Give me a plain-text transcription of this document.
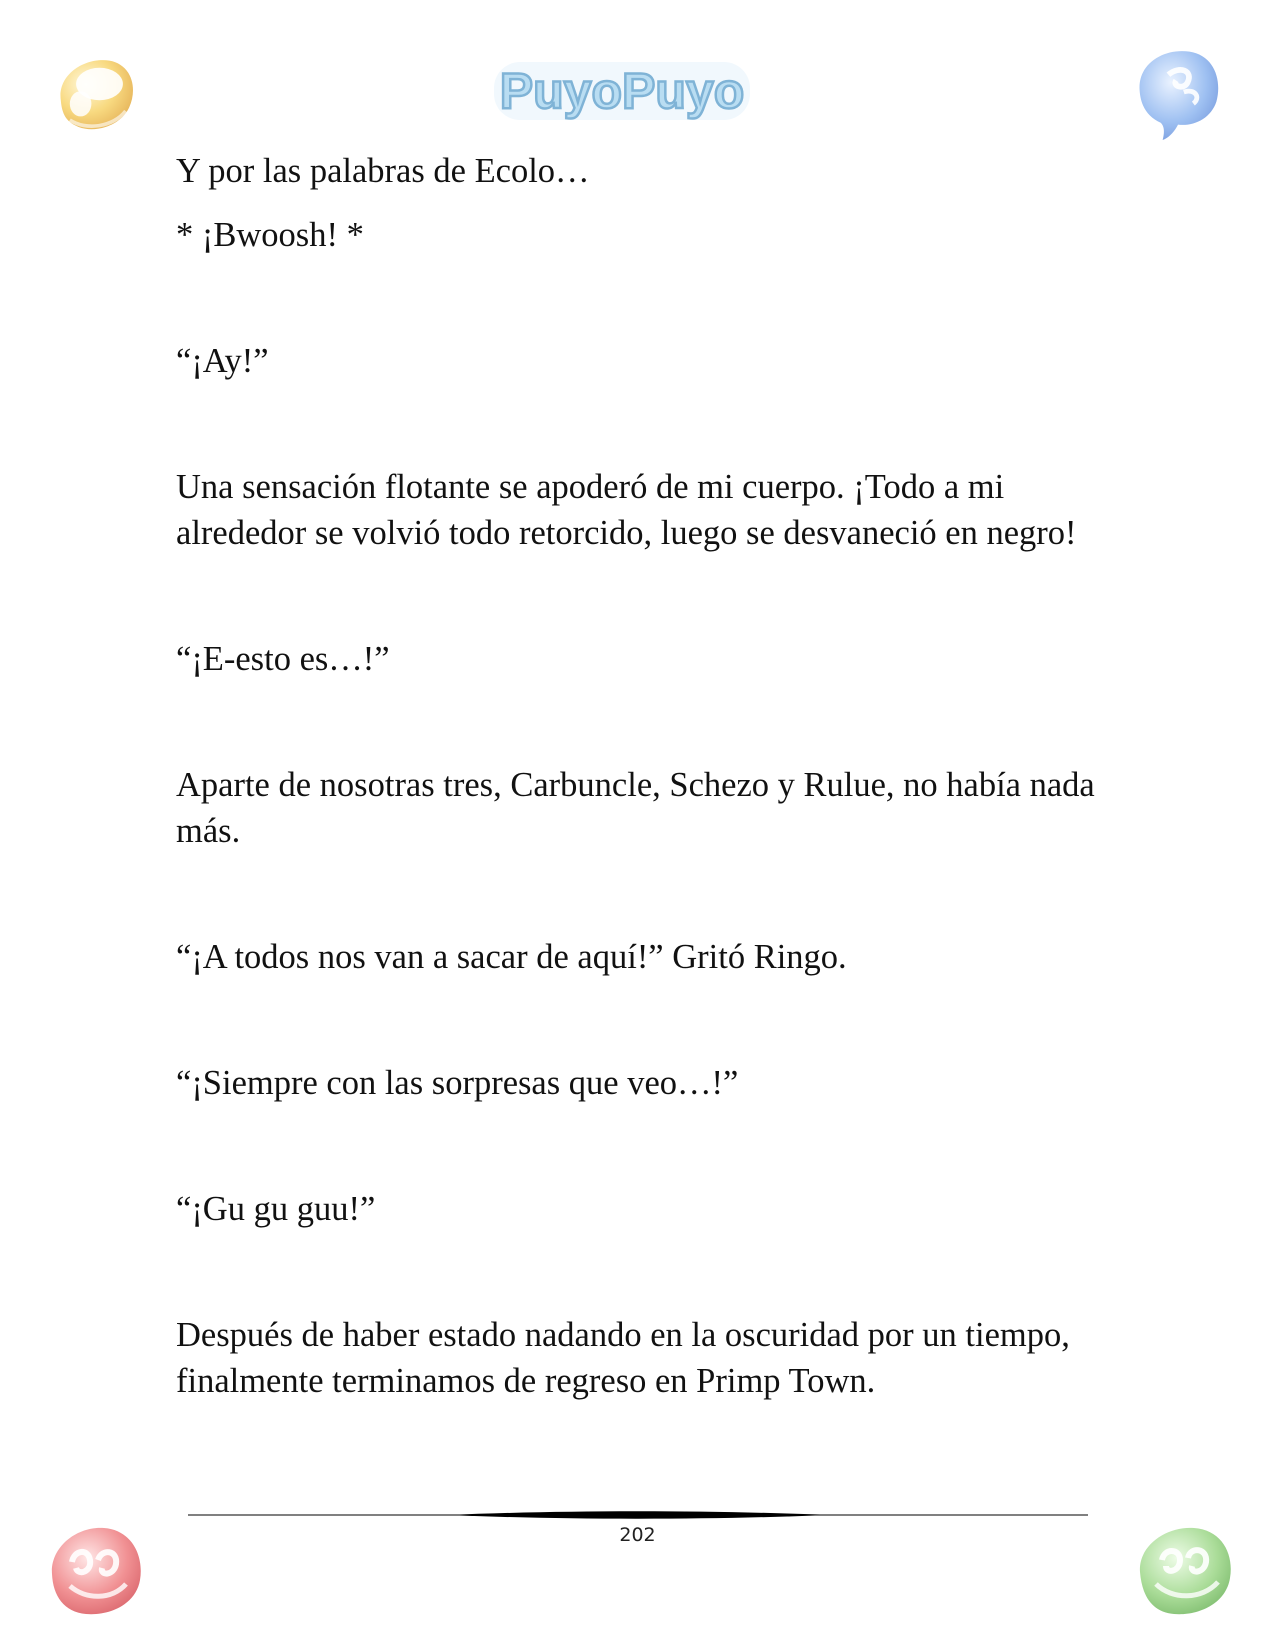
PuyoPuyo

Y por las palabras de Ecolo…

* ¡Bwoosh! *

“¡Ay!”

Una sensación flotante se apoderó de mi cuerpo. ¡Todo a mi alrededor se volvió todo retorcido, luego se desvaneció en negro!

“¡E-esto es…!”

Aparte de nosotras tres, Carbuncle, Schezo y Rulue, no había nada más.

“¡A todos nos van a sacar de aquí!” Gritó Ringo.

“¡Siempre con las sorpresas que veo…!”

“¡Gu gu guu!”

Después de haber estado nadando en la oscuridad por un tiempo, finalmente terminamos de regreso en Primp Town.

202
